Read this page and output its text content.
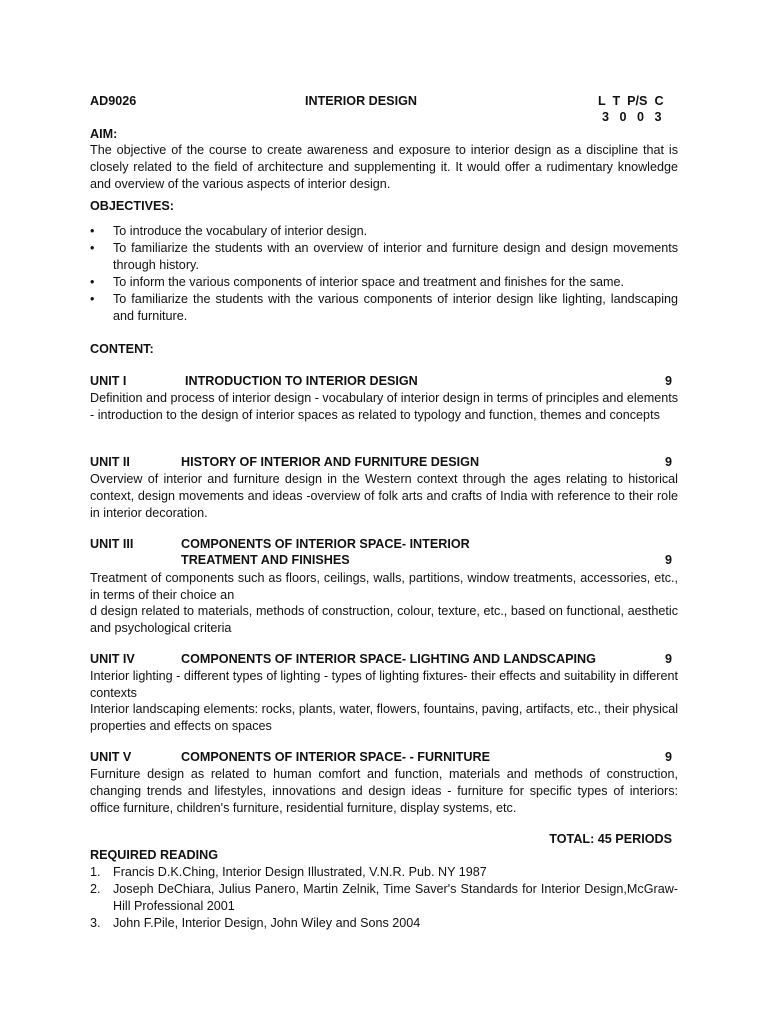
AD9026	INTERIOR DESIGN	L  T  P/S  C
3   0   0   3
AIM:
The objective of the course to create awareness and exposure to interior design as a discipline that is closely related to the field of architecture and supplementing it. It would offer a rudimentary knowledge and overview of the various aspects of interior design.
OBJECTIVES:
• To introduce the vocabulary of interior design.
• To familiarize the students with an overview of interior and furniture design and design movements through history.
• To inform the various components of interior space and treatment and finishes for the same.
• To familiarize the students with the various components of interior design like lighting, landscaping and furniture.
CONTENT:
UNIT I	INTRODUCTION TO INTERIOR DESIGN	9
Definition and process of interior design - vocabulary of interior design in terms of principles and elements - introduction to the design of interior spaces as related to typology and function, themes and concepts
UNIT II	HISTORY OF INTERIOR AND FURNITURE DESIGN	9
Overview of interior and furniture design in the Western context through the ages relating to historical context, design movements and ideas -overview of folk arts and crafts of India with reference to their role in interior decoration.
UNIT III	COMPONENTS OF INTERIOR SPACE- INTERIOR
TREATMENT AND FINISHES	9
Treatment of components such as floors, ceilings, walls, partitions, window treatments, accessories, etc., in terms of their choice an
d design related to materials, methods of construction, colour, texture, etc., based on functional, aesthetic and psychological criteria
UNIT IV	COMPONENTS OF INTERIOR SPACE- LIGHTING AND LANDSCAPING	9
Interior lighting - different types of lighting - types of lighting fixtures- their effects and suitability in different contexts
Interior landscaping elements: rocks, plants, water, flowers, fountains, paving, artifacts, etc., their physical properties and effects on spaces
UNIT V	COMPONENTS OF INTERIOR SPACE- - FURNITURE	9
Furniture design as related to human comfort and function, materials and methods of construction, changing trends and lifestyles, innovations and design ideas - furniture for specific types of interiors: office furniture, children's furniture, residential furniture, display systems, etc.
TOTAL: 45 PERIODS
REQUIRED READING
1. Francis D.K.Ching, Interior Design Illustrated, V.N.R. Pub. NY 1987
2. Joseph DeChiara, Julius Panero, Martin Zelnik, Time Saver's Standards for Interior Design,McGraw-Hill Professional 2001
3. John F.Pile, Interior Design, John Wiley and Sons 2004
